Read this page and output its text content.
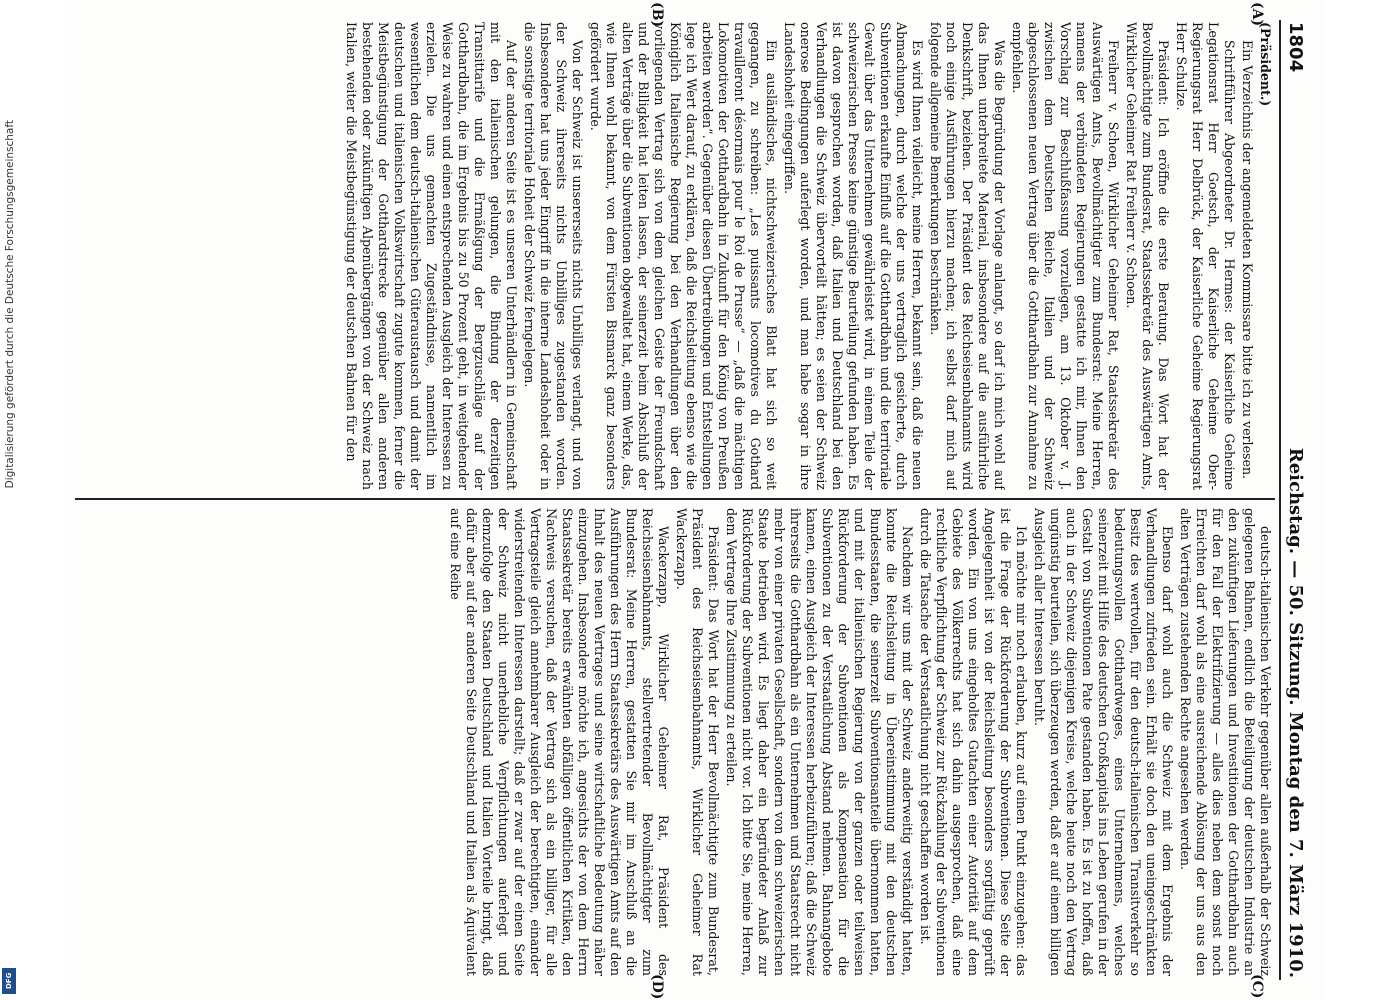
1804
Reichstag. — 50. Sitzung. Montag den 7. März 1910.
(A)
(B)
(C)
(D)

(Präsident.)

Ein Verzeichnis der angemeldeten Kommissare bitte ich zu verlesen.

Schriftführer Abgeordneter Dr. Hermes: der Kaiserliche Geheime Legationsrat Herr Goetsch, der Kaiserliche Geheime Ober-Regierungsrat Herr Delbrück, der Kaiserliche Geheime Regierungsrat Herr Schulze.

Präsident: Ich eröffne die erste Beratung. Das Wort hat der Bevollmächtigte zum Bundesrat, Staatssekretär des Auswärtigen Amts, Wirklicher Geheimer Rat Freiherr v. Schoen.

Freiherr v. Schoen, Wirklicher Geheimer Rat, Staatssekretär des Auswärtigen Amts, Bevollmächtigter zum Bundesrat: Meine Herren, namens der verbündeten Regierungen gestatte ich mir, Ihnen den Vorschlag zur Beschlußfassung vorzulegen, am 13. Oktober v. J. zwischen dem Deutschen Reiche, Italien und der Schweiz abgeschlossenen neuen Vertrag über die Gotthardbahn zur Annahme zu empfehlen.

Was die Begründung der Vorlage anlangt, so darf ich mich wohl auf das Ihnen unterbreitete Material, insbesondere auf die ausführliche Denkschrift, beziehen. Der Präsident des Reichseisenbahnamts wird noch einige Ausführungen hierzu machen; ich selbst darf mich auf folgende allgemeine Bemerkungen beschränken.

Es wird Ihnen vielleicht, meine Herren, bekannt sein, daß die neuen Abmachungen, durch welche der uns vertraglich gesicherte, durch Subventionen erkaufte Einfluß auf die Gotthardbahn und die territoriale Gewalt über das Unternehmen gewährleistet wird, in einem Teile der schweizerischen Presse keine günstige Beurteilung gefunden haben. Es ist davon gesprochen worden, daß Italien und Deutschland bei den Verhandlungen die Schweiz übervorteilt hätten; es seien der Schweiz onerose Bedingungen auferlegt worden, und man habe sogar in ihre Landeshoheit eingegriffen.

Ein ausländisches, nichtschweizerisches Blatt hat sich so weit gegangen, zu schreiben: „Les puissants locomotives du Gothard travailleront désormais pour le Roi de Prusse“ — „daß die mächtigen Lokomotiven der Gotthardbahn in Zukunft für den König von Preußen arbeiten werden“. Gegenüber diesen Übertreibungen und Entstellungen lege ich Wert darauf, zu erklären, daß die Reichsleitung ebenso wie die Königlich Italienische Regierung bei den Verhandlungen über den vorliegenden Vertrag sich von dem gleichen Geiste der Freundschaft und der Billigkeit hat leiten lassen, der seinerzeit beim Abschluß der alten Verträge über die Subventionen obgewaltet hat, einem Werke, das, wie Ihnen wohl bekannt, von dem Fürsten Bismarck ganz besonders gefördert wurde.

Von der Schweiz ist unsererseits nichts Unbilliges verlangt, und von der Schweiz ihrerseits nichts Unbilliges zugestanden worden. Insbesondere hat uns jeder Eingriff in die interne Landeshoheit oder in die sonstige territoriale Hoheit der Schweiz ferngelegen.

Auf der anderen Seite ist es unseren Unterhändlern in Gemeinschaft mit den italienischen gelungen, die Bindung der derzeitigen Transittarife und die Ermäßigung der Bergzuschläge auf der Gotthardbahn, die im Ergebnis bis zu 50 Prozent geht, in weitgehender Weise zu wahren und einen entsprechenden Ausgleich der Interessen zu erzielen. Die uns gemachten Zugeständnisse, namentlich im wesentlichen dem deutsch-italienischen Güteraustausch und damit der deutschen und italienischen Volkswirtschaft zugute kommen, ferner die Meistbegünstigung der Gotthardstrecke gegenüber allen anderen bestehenden oder zukünftigen Alpenübergängen von der Schweiz nach Italien, weiter die Meistbegünstigung der deutschen Bahnen für den

deutsch-italienischen Verkehr gegenüber allen außerhalb der Schweiz gelegenen Bahnen, endlich die Beteiligung der deutschen Industrie an den zukünftigen Lieferungen und Investitionen der Gotthardbahn auch für den Fall der Elektrifizierung — alles dies neben dem sonst noch Erreichten darf wohl als eine ausreichende Ablösung der uns aus den alten Verträgen zustehenden Rechte angesehen werden.

Ebenso darf wohl auch die Schweiz mit dem Ergebnis der Verhandlungen zufrieden sein. Erhält sie doch den uneingeschränkten Besitz des wertvollen, für den deutsch-italienischen Transitverkehr so bedeutungsvollen Gotthardweges, eines Unternehmens, welches seinerzeit mit Hilfe des deutschen Großkapitals ins Leben gerufen in der Gestalt von Subventionen Pate gestanden haben. Es ist zu hoffen, daß auch in der Schweiz diejenigen Kreise, welche heute noch den Vertrag ungünstig beurteilen, sich überzeugen werden, daß er auf einem billigen Ausgleich aller Interessen beruht.

Ich möchte mir noch erlauben, kurz auf einen Punkt einzugehen: das ist die Frage der Rückforderung der Subventionen. Diese Seite der Angelegenheit ist von der Reichsleitung besonders sorgfältig geprüft worden. Ein von uns eingeholtes Gutachten einer Autorität auf dem Gebiete des Völkerrechts hat sich dahin ausgesprochen, daß eine rechtliche Verpflichtung der Schweiz zur Rückzahlung der Subventionen durch die Tatsache der Verstaatlichung nicht geschaffen worden ist.

Nachdem wir uns mit der Schweiz anderweitig verständigt hatten, konnte die Reichsleitung in Übereinstimmung mit den deutschen Bundesstaaten, die seinerzeit Subventionsanteile übernommen hatten, und mit der italienischen Regierung von der ganzen oder teilweisen Rückforderung der Subventionen als Kompensation für die Subventionen zu der Verstaatlichung Abstand nehmen. Bahnangebote kamen, einen Ausgleich der Interessen herbeizuführen; daß die Schweiz ihrerseits die Gotthardbahn als ein Unternehmen und Staatsrecht nicht mehr von einer privaten Gesellschaft, sondern von dem schweizerischen Staate betrieben wird. Es liegt daher ein begründeter Anlaß zur Rückforderung der Subventionen nicht vor. Ich bitte Sie, meine Herren, dem Vertrage Ihre Zustimmung zu erteilen.

Präsident: Das Wort hat der Herr Bevollmächtigte zum Bundesrat, Präsident des Reichseisenbahnamts, Wirklicher Geheimer Rat Wackerzapp.

Wackerzapp, Wirklicher Geheimer Rat, Präsident des Reichseisenbahnamts, stellvertretender Bevollmächtigter zum Bundesrat: Meine Herren, gestatten Sie mir im Anschluß an die Ausführungen des Herrn Staatssekretärs des Auswärtigen Amts auf den Inhalt des neuen Vertrages und seine wirtschaftliche Bedeutung näher einzugehen. Insbesondere möchte ich, angesichts der von dem Herrn Staatssekretär bereits erwähnten abfälligen öffentlichen Kritiken, den Nachweis versuchen, daß der Vertrag sich als ein billiger, für alle Vertragsteile gleich annehmbarer Ausgleich der berechtigten, einander widerstreitenden Interessen darstellt; daß er zwar auf der einen Seite der Schweiz nicht unerhebliche Verpflichtungen auferlegt und demzufolge den Staaten Deutschland und Italien Vorteile bringt, daß dafür aber auf der anderen Seite Deutschland und Italien als Äquivalent auf eine Reihe

Digitalisierung gefördert durch die Deutsche Forschungsgemeinschaft
DFG
